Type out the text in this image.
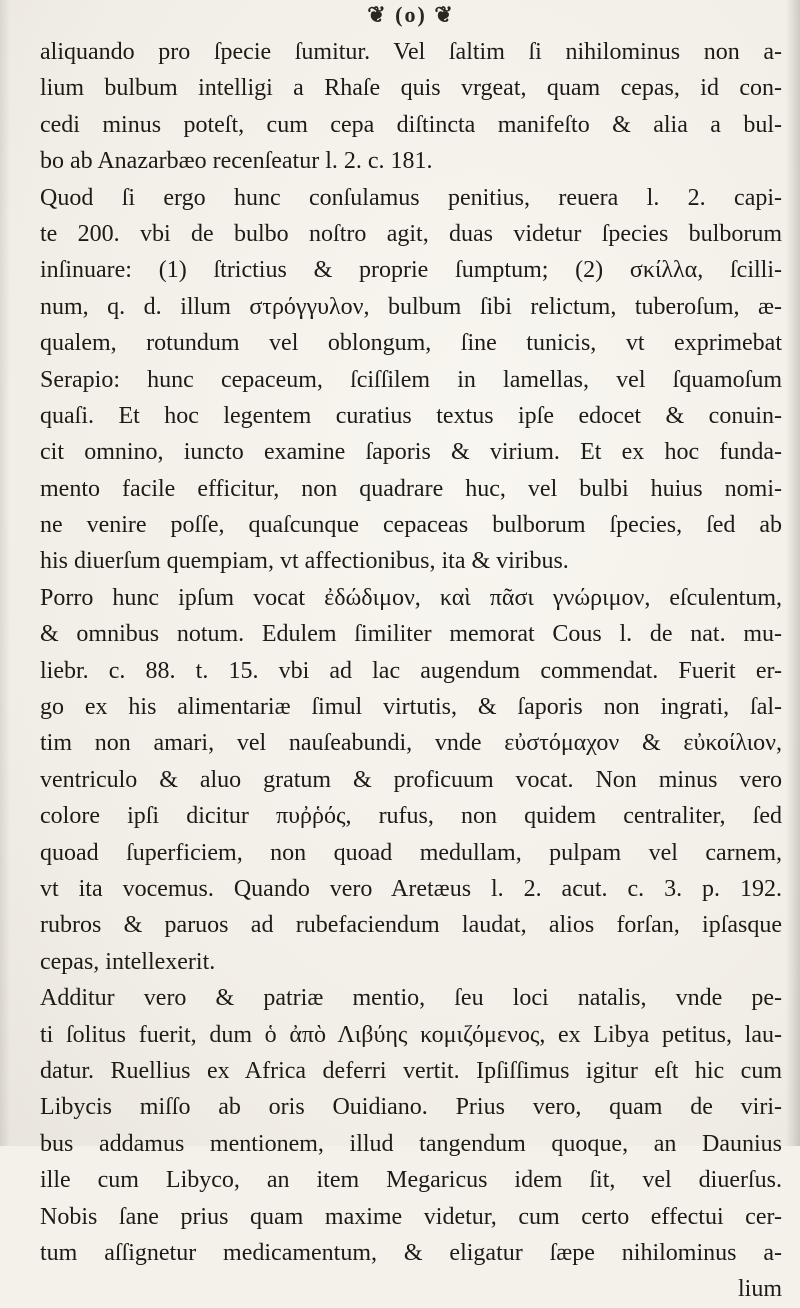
❦ (o) ❦
aliquando pro ſpecie ſumitur. Vel ſaltim ſi nihilominus non a-
lium bulbum intelligi a Rhaſe quis vrgeat, quam cepas, id con-
cedi minus poteſt, cum cepa diſtincta manifeſto & alia a bul-
bo ab Anazarbæo recenſeatur l. 2. c. 181.
Quod ſi ergo hunc conſulamus penitius, reuera l. 2. capi-
te 200. vbi de bulbo noſtro agit, duas videtur ſpecies bulborum
inſinuare: (1) ſtrictius & proprie ſumptum; (2) σκίλλα, ſcilli-
num, q. d. illum στρόγγυλον, bulbum ſibi relictum, tuberoſum, æ-
qualem, rotundum vel oblongum, ſine tunicis, vt exprimebat
Serapio: hunc cepaceum, ſciſſilem in lamellas, vel ſquamoſum
quaſi. Et hoc legentem curatius textus ipſe edocet & conuin-
cit omnino, iuncto examine ſaporis & virium. Et ex hoc funda-
mento facile efficitur, non quadrare huc, vel bulbi huius nomi-
ne venire poſſe, quaſcunque cepaceas bulborum ſpecies, ſed ab
his diuerſum quempiam, vt affectionibus, ita & viribus.
Porro hunc ipſum vocat ἐδώδιμον, καὶ πᾶσι γνώριμον, eſculentum,
& omnibus notum. Edulem ſimiliter memorat Cous l. de nat. mu-
liebr. c. 88. t. 15. vbi ad lac augendum commendat. Fuerit er-
go ex his alimentariæ ſimul virtutis, & ſaporis non ingrati, ſal-
tim non amari, vel nauſeabundi, vnde εὐστόμαχον & εὐκοίλιον,
ventriculo & aluo gratum & proficuum vocat. Non minus vero
colore ipſi dicitur πυῤῥός, rufus, non quidem centraliter, ſed
quoad ſuperficiem, non quoad medullam, pulpam vel carnem,
vt ita vocemus. Quando vero Aretæus l. 2. acut. c. 3. p. 192.
rubros & paruos ad rubefaciendum laudat, alios forſan, ipſasque
cepas, intellexerit.
Additur vero & patriæ mentio, ſeu loci natalis, vnde pe-
ti ſolitus fuerit, dum ὁ ἀπὸ Λιβύης κομιζόμενος, ex Libya petitus, lau-
datur. Ruellius ex Africa deferri vertit. Ipſiſſimus igitur eſt hic cum
Libycis miſſo ab oris Ouidiano. Prius vero, quam de viri-
bus addamus mentionem, illud tangendum quoque, an Daunius
ille cum Libyco, an item Megaricus idem ſit, vel diuerſus.
Nobis ſane prius quam maxime videtur, cum certo effectui cer-
tum aſſignetur medicamentum, & eligatur ſæpe nihilominus a-
lium
